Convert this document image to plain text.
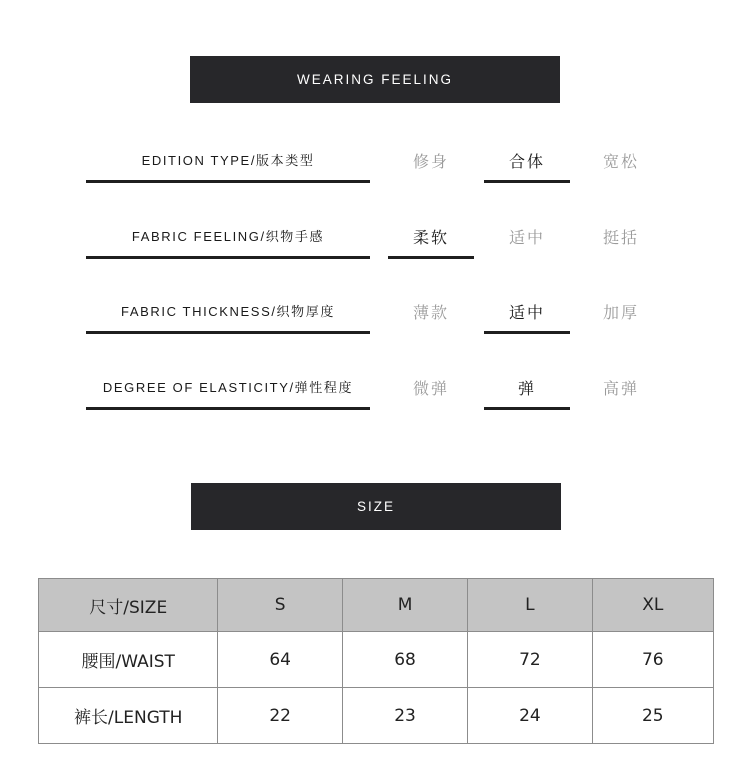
WEARING FEELING
EDITION TYPE/版本类型	修身	合体	宽松
FABRIC FEELING/织物手感	柔软	适中	挺括
FABRIC THICKNESS/织物厚度	薄款	适中	加厚
DEGREE OF ELASTICITY/弹性程度	微弹	弹	高弹
SIZE
尺寸/SIZE	S	M	L	XL
腰围/WAIST	64	68	72	76
裤长/LENGTH	22	23	24	25
